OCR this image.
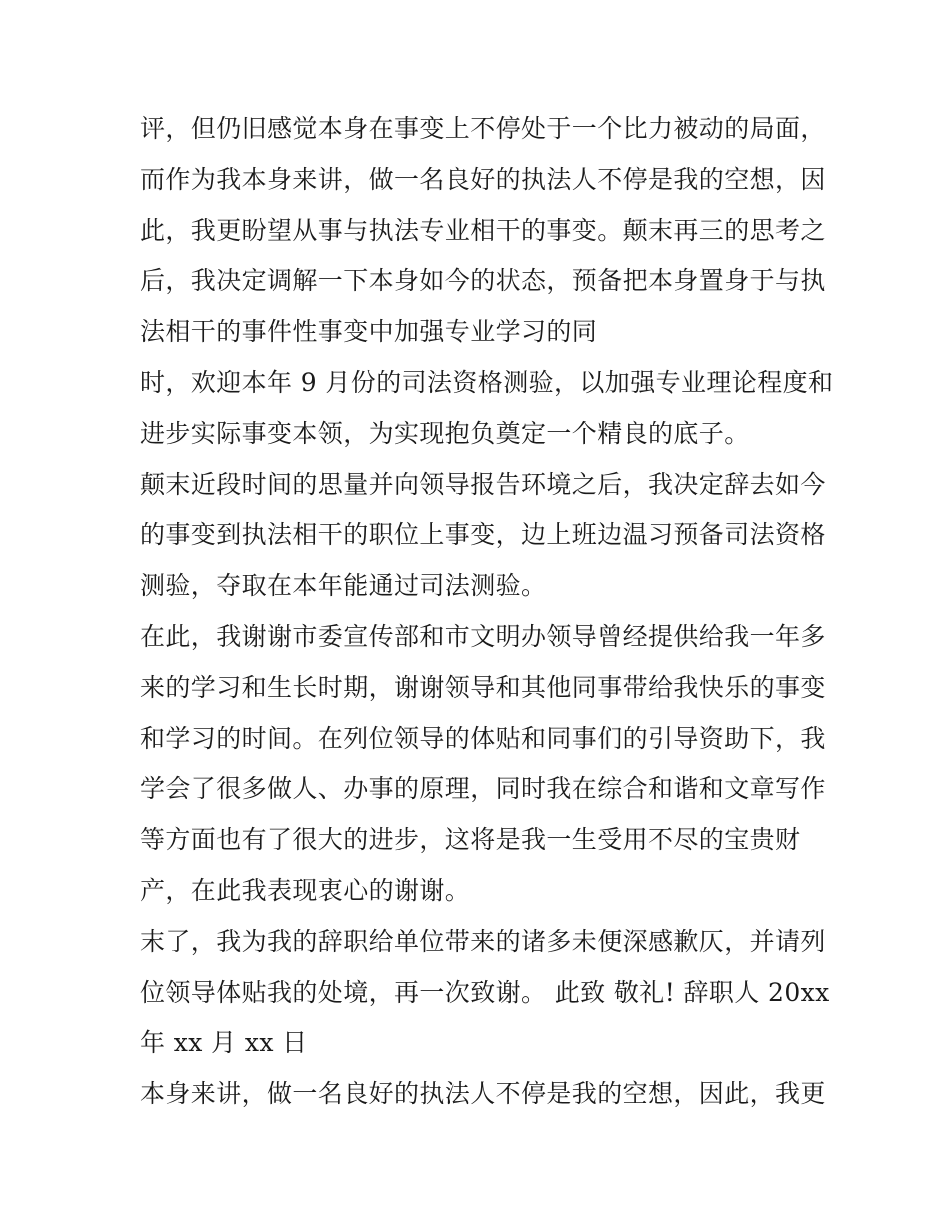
评，但仍旧感觉本身在事变上不停处于一个比力被动的局面，
而作为我本身来讲，做一名良好的执法人不停是我的空想，因
此，我更盼望从事与执法专业相干的事变。颠末再三的思考之
后，我决定调解一下本身如今的状态，预备把本身置身于与执
法相干的事件性事变中加强专业学习的同
时，欢迎本年 9 月份的司法资格测验，以加强专业理论程度和
进步实际事变本领，为实现抱负奠定一个精良的底子。
颠末近段时间的思量并向领导报告环境之后，我决定辞去如今
的事变到执法相干的职位上事变，边上班边温习预备司法资格
测验，夺取在本年能通过司法测验。
在此，我谢谢市委宣传部和市文明办领导曾经提供给我一年多
来的学习和生长时期，谢谢领导和其他同事带给我快乐的事变
和学习的时间。在列位领导的体贴和同事们的引导资助下，我
学会了很多做人、办事的原理，同时我在综合和谐和文章写作
等方面也有了很大的进步，这将是我一生受用不尽的宝贵财
产，在此我表现衷心的谢谢。
末了，我为我的辞职给单位带来的诸多未便深感歉仄，并请列
位领导体贴我的处境，再一次致谢。 此致 敬礼! 辞职人 20xx
年 xx 月 xx 日
本身来讲，做一名良好的执法人不停是我的空想，因此，我更
